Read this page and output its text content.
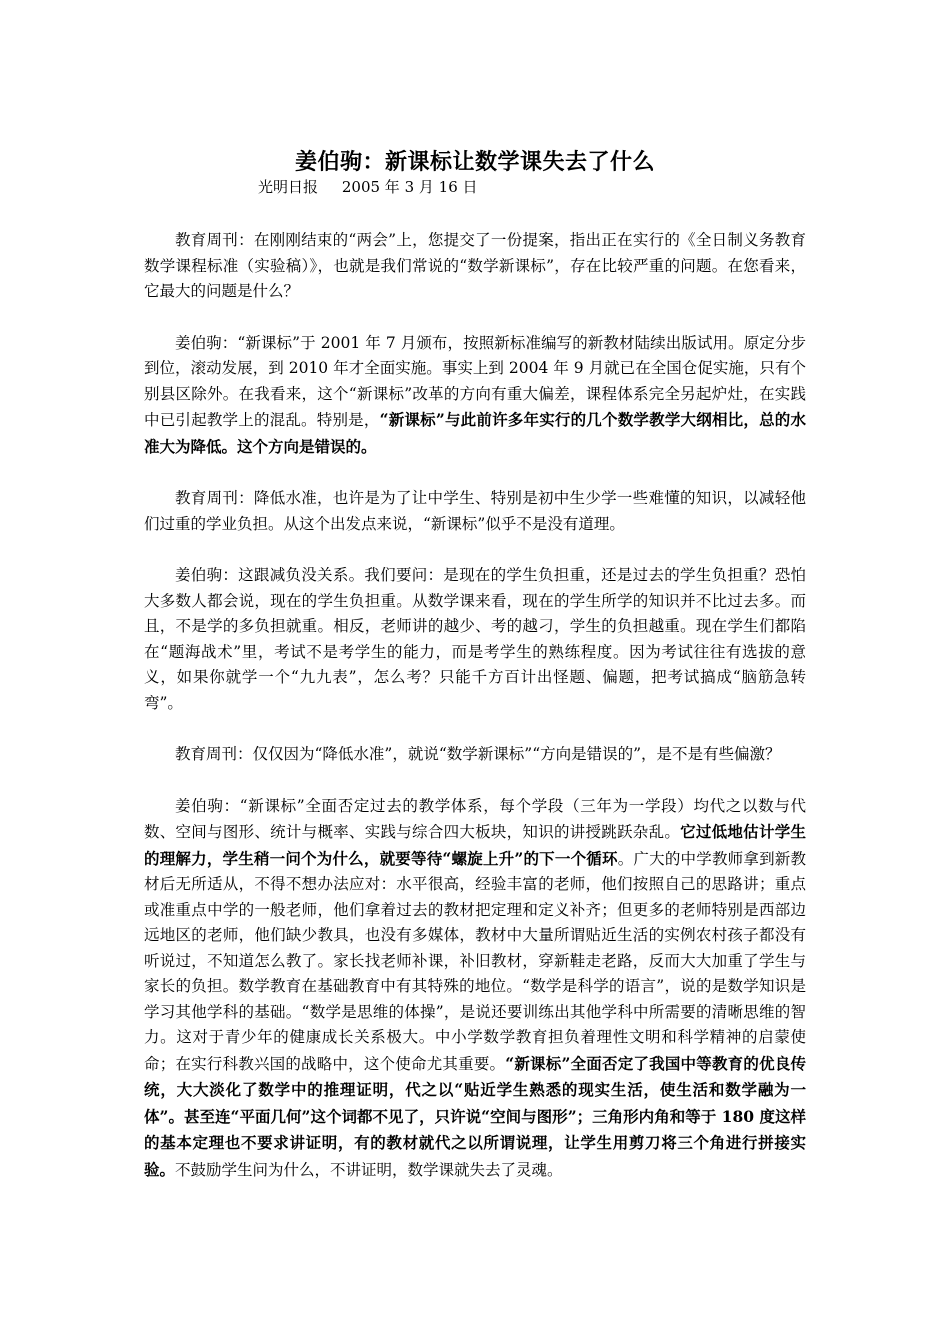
姜伯驹：新课标让数学课失去了什么
光明日报 2005 年 3 月 16 日

教育周刊：在刚刚结束的“两会”上，您提交了一份提案，指出正在实行的《全日制义务教育数学课程标准（实验稿）》，也就是我们常说的“数学新课标”，存在比较严重的问题。在您看来，它最大的问题是什么？

姜伯驹：“新课标”于 2001 年 7 月颁布，按照新标准编写的新教材陆续出版试用。原定分步到位，滚动发展，到 2010 年才全面实施。事实上到 2004 年 9 月就已在全国仓促实施，只有个别县区除外。在我看来，这个“新课标”改革的方向有重大偏差，课程体系完全另起炉灶，在实践中已引起教学上的混乱。特别是，“新课标”与此前许多年实行的几个数学教学大纲相比，总的水准大为降低。这个方向是错误的。

教育周刊：降低水准，也许是为了让中学生、特别是初中生少学一些难懂的知识，以减轻他们过重的学业负担。从这个出发点来说，“新课标”似乎不是没有道理。

姜伯驹：这跟减负没关系。我们要问：是现在的学生负担重，还是过去的学生负担重？恐怕大多数人都会说，现在的学生负担重。从数学课来看，现在的学生所学的知识并不比过去多。而且，不是学的多负担就重。相反，老师讲的越少、考的越刁，学生的负担越重。现在学生们都陷在“题海战术”里，考试不是考学生的能力，而是考学生的熟练程度。因为考试往往有选拔的意义，如果你就学一个“九九表”，怎么考？只能千方百计出怪题、偏题，把考试搞成“脑筋急转弯”。

教育周刊：仅仅因为“降低水准”，就说“数学新课标”“方向是错误的”，是不是有些偏激？

姜伯驹：“新课标”全面否定过去的教学体系，每个学段（三年为一学段）均代之以数与代数、空间与图形、统计与概率、实践与综合四大板块，知识的讲授跳跃杂乱。它过低地估计学生的理解力，学生稍一问个为什么，就要等待“螺旋上升”的下一个循环。广大的中学教师拿到新教材后无所适从，不得不想办法应对：水平很高，经验丰富的老师，他们按照自己的思路讲；重点或准重点中学的一般老师，他们拿着过去的教材把定理和定义补齐；但更多的老师特别是西部边远地区的老师，他们缺少教具，也没有多媒体，教材中大量所谓贴近生活的实例农村孩子都没有听说过，不知道怎么教了。家长找老师补课，补旧教材，穿新鞋走老路，反而大大加重了学生与家长的负担。数学教育在基础教育中有其特殊的地位。“数学是科学的语言”，说的是数学知识是学习其他学科的基础。“数学是思维的体操”，是说还要训练出其他学科中所需要的清晰思维的智力。这对于青少年的健康成长关系极大。中小学数学教育担负着理性文明和科学精神的启蒙使命；在实行科教兴国的战略中，这个使命尤其重要。“新课标”全面否定了我国中等教育的优良传统，大大淡化了数学中的推理证明，代之以“贴近学生熟悉的现实生活，使生活和数学融为一体”。甚至连“平面几何”这个词都不见了，只许说“空间与图形”；三角形内角和等于 180 度这样的基本定理也不要求讲证明，有的教材就代之以所谓说理，让学生用剪刀将三个角进行拼接实验。不鼓励学生问为什么，不讲证明，数学课就失去了灵魂。
